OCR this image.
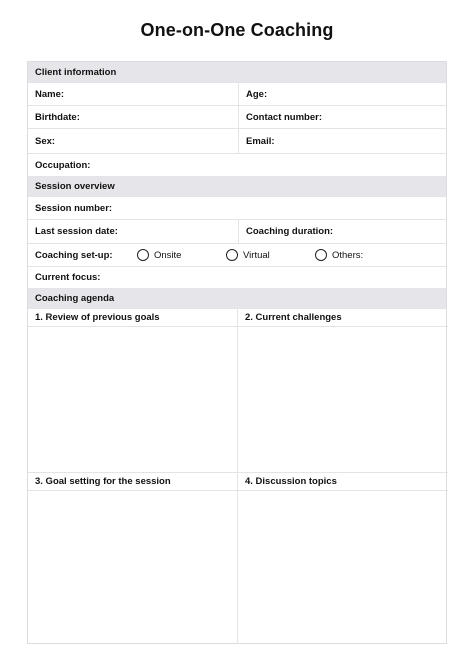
One-on-One Coaching
Client information
Name:	Age:
Birthdate:	Contact number:
Sex:	Email:
Occupation:
Session overview
Session number:
Last session date:	Coaching duration:
Coaching set-up:	Onsite	Virtual	Others:
Current focus:
Coaching agenda
1. Review of previous goals	2. Current challenges
3. Goal setting for the session	4. Discussion topics
